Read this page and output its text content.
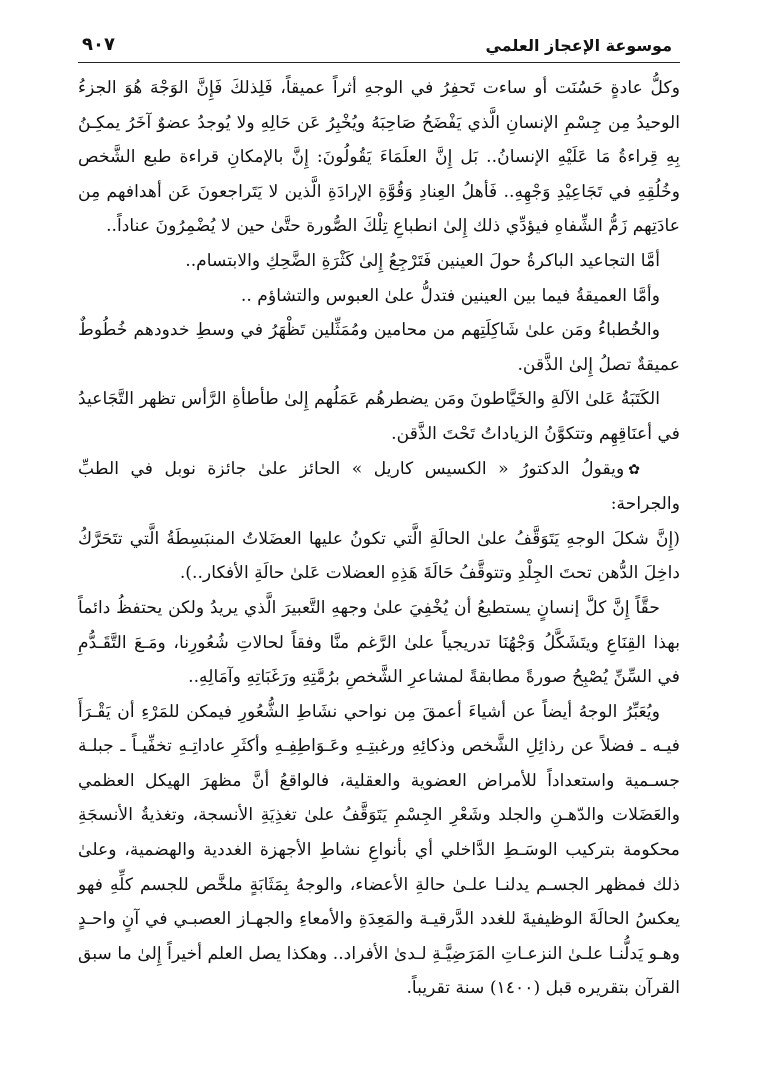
موسوعة الإعجاز العلمي
٩٠٧

وكلُّ عادةٍ حَسُنَت أو ساءت تَحفِرُ في الوجهِ أثراً عميقاً، فَلِذلكَ فَإِنَّ الوَجْهَ هُوَ الجزءُ الوحيدُ مِن جِسْمِ الإنسانِ الَّذي يَفْضَحُ صَاحِبَهُ ويُخْبِرُ عَن حَالِهِ ولا يُوجدُ عضوٌ آخَرُ يمكِـنُ بِهِ قِراءةُ مَا عَلَيْهِ الإنسانُ.. بَل إِنَّ العلَمَاءَ يَقُولُونَ: إِنَّ بالإمكانِ قراءة طبع الشَّخص وخُلُقِهِ في تَجَاعِيْدِ وَجْهِهِ.. فَأهلُ العِنادِ وَقُوَّةِ الإرادَةِ الَّذين لا يَتَراجعونَ عَن أهدافهم مِن عادَتِهم زَمُّ الشِّفاهِ فيؤدِّي ذلك إِلىٰ انطباعِ تِلْكَ الصُّورة حتَّىٰ حين لا يُضْمِرُونَ عناداً..

أمَّا التجاعيد الباكرةُ حولَ العينين فَتَرْجِعُ إِلىٰ كَثْرَةِ الضَّحِكِ والابتسام..

وأمَّا العميقةُ فيما بين العينين فتدلُّ علىٰ العبوس والتشاؤم ..

والخُطباءُ ومَن علىٰ شَاكِلَتِهم من محامين ومُمَثِّلين تَظْهَرُ في وسطِ خدودهم خُطُوطٌ عميقةٌ تصلُ إِلىٰ الذَّقن.

الكَتَبَةُ عَلىٰ الآلةِ والخَيَّاطونَ ومَن يضطرهُم عَمَلُهم إِلىٰ طأطأةِ الرَّأس تظهر التَّجَاعيدُ في أعنَاقِهِم وتتكوَّنُ الزياداتُ تَحْتَ الذَّقن.

✿ويقولُ الدكتورُ « الكسيس كاريل » الحائز علىٰ جائزة نوبل في الطبِّ والجراحة:

(إِنَّ شكلَ الوجهِ يَتَوَقَّفُ علىٰ الحالَةِ الَّتي تكونُ عليها العضَلاتُ المنبَسِطَةُ الَّتي تتَحَرَّكُ داخِلَ الدُّهن تحتَ الجِلْدِ وتتوقَّفُ حَالَةَ هَذِهِ العضلات عَلىٰ حالَةِ الأفكار..).

حقَّاً إِنَّ كلَّ إنسانٍ يستطيعُ أن يُخْفِيَ علىٰ وجههِ التَّعبيرَ الَّذي يريدُ ولكن يحتفظُ دائماً بهذا القِنَاعِ ويتَشَكَّلُ وَجْهُنَا تدريجياً علىٰ الرَّغم منَّا وفقاً لحالاتِ شُعُورِنا، ومَـعَ التَّقَـدُّمِ في السِّنِّ يُصْبِحُ صورةً مطابقةً لمشاعرِ الشَّخصِ برُمَّتِهِ ورَغَبَاتِهِ وآمَالِهِ..

ويُعَبِّرُ الوجهُ أيضاً عن أشياءَ أعمقَ مِن نواحي نشَاطِ الشُّعُورِ فيمكن للمَرْءِ أن يَقْـرَأَ فيـه ـ فضلاً عن رذائِلِ الشَّخص وذكائِهِ ورغبتِـهِ وعَـوَاطِفِـهِ وأكثَرِ عاداتِـهِ تخفِّيـاً ـ جبلـة جسـمية واستعداداً للأمراض العضوية والعقلية، فالواقعُ أنَّ مظهرَ الهيكل العظمي والعَضَلات والدّهـنِ والجلد وشَعْرِ الجِسْمِ يَتَوَقَّفُ علىٰ تغذِيَةِ الأنسجة، وتغذيةُ الأنسجَةِ محكومة بتركيب الوسَـطِ الدَّاخلي أي بأنواعِ نشاطِ الأجهزة الغددية والهضمية، وعلىٰ ذلك فمظهر الجسـم يدلنـا علـىٰ حالةِ الأعضاء، والوجهُ بِمَثَابَةٍ ملخَّص للجسم كلِّهِ فهو يعكسُ الحالَةَ الوظيفيةَ للغدد الدَّرقيـة والمَعِدَةِ والأمعاءِ والجهـاز العصبـي في آنٍ واحـدٍ وهـو يَدلُّنـا علـىٰ النزعـاتِ المَرَضِيَّـةِ لـدىٰ الأفراد.. وهكذا يصل العلم أخيراً إِلىٰ ما سبق القرآن بتقريره قبل (١٤٠٠) سنة تقريباً.
